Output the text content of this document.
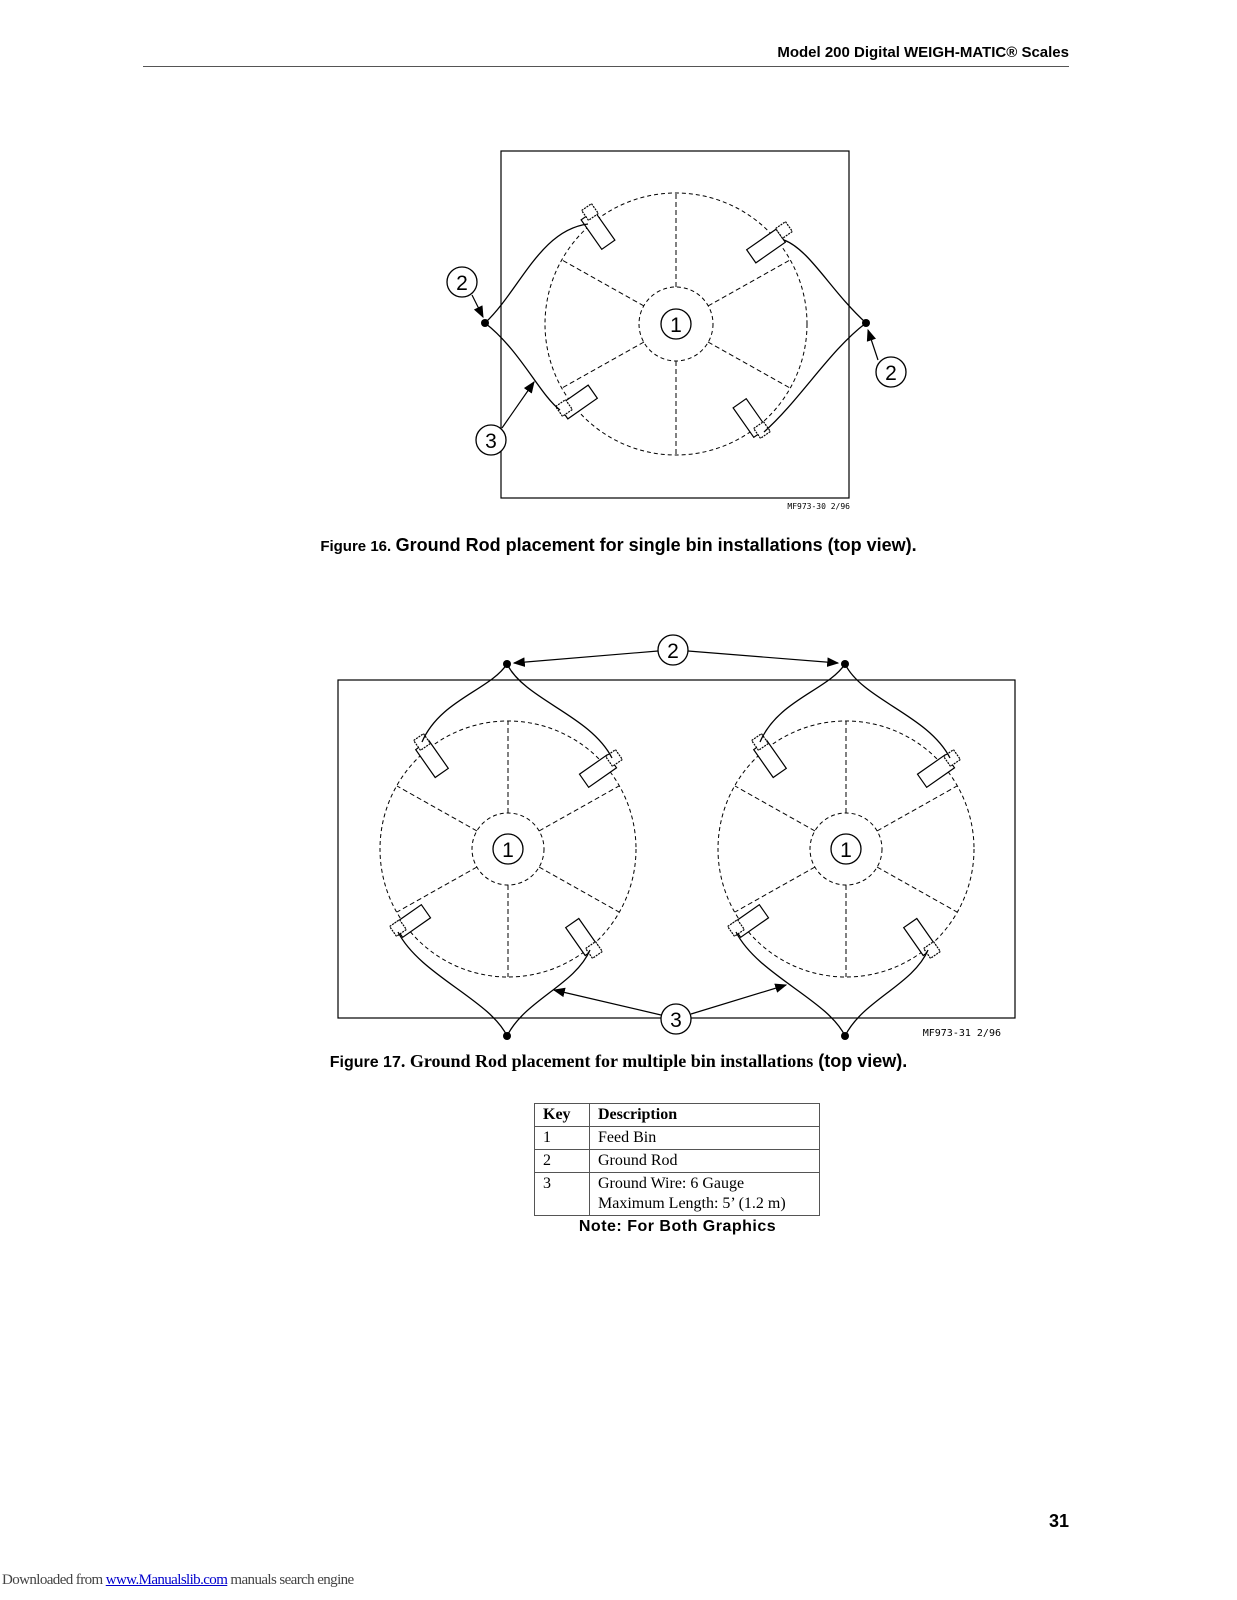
Model 200 Digital WEIGH-MATIC® Scales
1
2
2
3
MF973-30 2/96
Figure 16. Ground Rod placement for single bin installations (top view).
1	1
2
3
MF973-31 2/96
Figure 17. Ground Rod placement for multiple bin installations (top view).
Key	Description
1	Feed Bin
2	Ground Rod
3	Ground Wire: 6 Gauge
Maximum Length: 5’ (1.2 m)
Note: For Both Graphics
31
Downloaded from www.Manualslib.com manuals search engine
